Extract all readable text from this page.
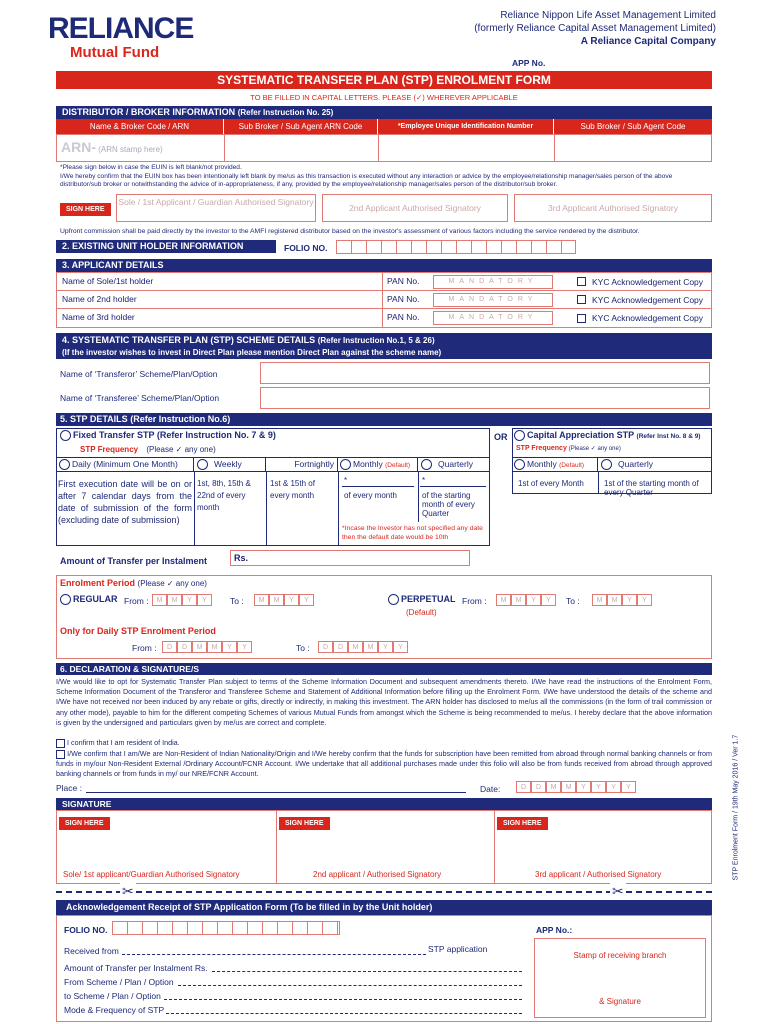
RELIANCE
Mutual Fund
Reliance Nippon Life Asset Management Limited
(formerly Reliance Capital Asset Management Limited)
A Reliance Capital Company
APP No.
SYSTEMATIC TRANSFER PLAN (STP) ENROLMENT FORM
TO BE FILLED IN CAPITAL LETTERS. PLEASE (✓) WHEREVER APPLICABLE
DISTRIBUTOR / BROKER INFORMATION (Refer Instruction No. 25)
Name & Broker Code / ARN	Sub Broker / Sub Agent ARN Code	*Employee Unique Identification Number	Sub Broker / Sub Agent Code
ARN- (ARN stamp here)
*Please sign below in case the EUIN is left blank/not provided.
I/We hereby confirm that the EUIN box has been intentionally left blank by me/us as this transaction is executed without any interaction or advice by the employee/relationship manager/sales person of the above distributor/sub broker or notwithstanding the advice of in-appropriateness, if any, provided by the employee/relationship manager/sales person of the distributor/sub broker.
SIGN HERE
Sole / 1st Applicant / Guardian Authorised Signatory
2nd Applicant Authorised Signatory	3rd Applicant Authorised Signatory
Upfront commission shall be paid directly by the investor to the AMFI registered distributor based on the investor's assessment of various factors including the service rendered by the distributor.
2. EXISTING UNIT HOLDER INFORMATION	FOLIO NO.
3. APPLICANT DETAILS
Name of Sole/1st holder	PAN No.	MANDATORY	KYC Acknowledgement Copy
Name of 2nd holder	PAN No.	MANDATORY	KYC Acknowledgement Copy
Name of 3rd holder	PAN No.	MANDATORY	KYC Acknowledgement Copy
4. SYSTEMATIC TRANSFER PLAN (STP) SCHEME DETAILS (Refer Instruction No.1, 5 & 26)
(If the investor wishes to invest in Direct Plan please mention Direct Plan against the scheme name)
Name of ‘Transferor’ Scheme/Plan/Option
Name of ‘Transferee’ Scheme/Plan/Option
5. STP DETAILS (Refer Instruction No.6)
Fixed Transfer STP (Refer Instruction No. 7 & 9)	OR	Capital Appreciation STP (Refer Inst No. 8 & 9)
STP Frequency (Please ✓ any one)	STP Frequency (Please ✓ any one)
Daily (Minimum One Month)	Weekly	Fortnightly	Monthly (Default)	Quarterly	Monthly (Default)	Quarterly
First execution date will be on or after 7 calendar days from the date of submission of the form (excluding date of submission)
1st, 8th, 15th & 22nd of every month
1st & 15th of every month
*
of every month
*
of the starting month of every Quarter
*Incase the Investor has not specified any date then the default date would be 10th
1st of every Month	1st of the starting month of every Quarter
Amount of Transfer per Instalment	Rs.
Enrolment Period (Please ✓ any one)
REGULAR From :	M	M	Y	Y	To :	M	M	Y	Y	PERPETUAL
(Default)
From :	M	M	Y	Y	To :	M	M	Y	Y
Only for Daily STP Enrolment Period
From :	D	D	M	M	Y	Y	To :	D	D	M	M	Y	Y
6. DECLARATION & SIGNATURE/S
I/We would like to opt for Systematic Transfer Plan subject to terms of the Scheme Information Document and subsequent amendments thereto. I/We have read the instructions of the Enrolment Form, Scheme Information Document of the Transferor and Transferee Scheme and Statement of Additional Information before filling up the Enrolment Form. I/We have understood the details of the scheme and I/We have not received nor been induced by any rebate or gifts, directly or indirectly, in making this investment. The ARN holder has disclosed to me/us all the commissions (in the form of trail commission or any other mode), payable to him for the different competing Schemes of various Mutual Funds from amongst which the Scheme is being recommended to me/us. I hereby declare that the above information is given by the undersigned and particulars given by me/us are correct and complete.
I confirm that I am resident of India.
I/We confirm that I am/We are Non-Resident of Indian Nationality/Origin and I/We hereby confirm that the funds for subscription have been remitted from abroad through normal banking channels or from funds in my/our Non-Resident External /Ordinary Account/FCNR Account. I/We undertake that all additional purchases made under this folio will also be from funds received from abroad through approved banking channels or from funds in my/ our NRE/FCNR Account.
Place :	Date:	D	D	M	M	Y	Y	Y	Y
SIGNATURE
SIGN HERE
Sole/ 1st applicant/Guardian Authorised Signatory
SIGN HERE
2nd applicant / Authorised Signatory
SIGN HERE
3rd applicant / Authorised Signatory
✂	✂
Acknowledgement Receipt of STP Application Form (To be filled in by the Unit holder)
FOLIO NO.	APP No.:
Received from	STP application
Amount of Transfer per Instalment Rs.
From Scheme / Plan / Option
to Scheme / Plan / Option
Mode & Frequency of STP
Stamp of receiving branch
& Signature
STP Enrolment Form / 19th May 2016 / Ver 1.7
